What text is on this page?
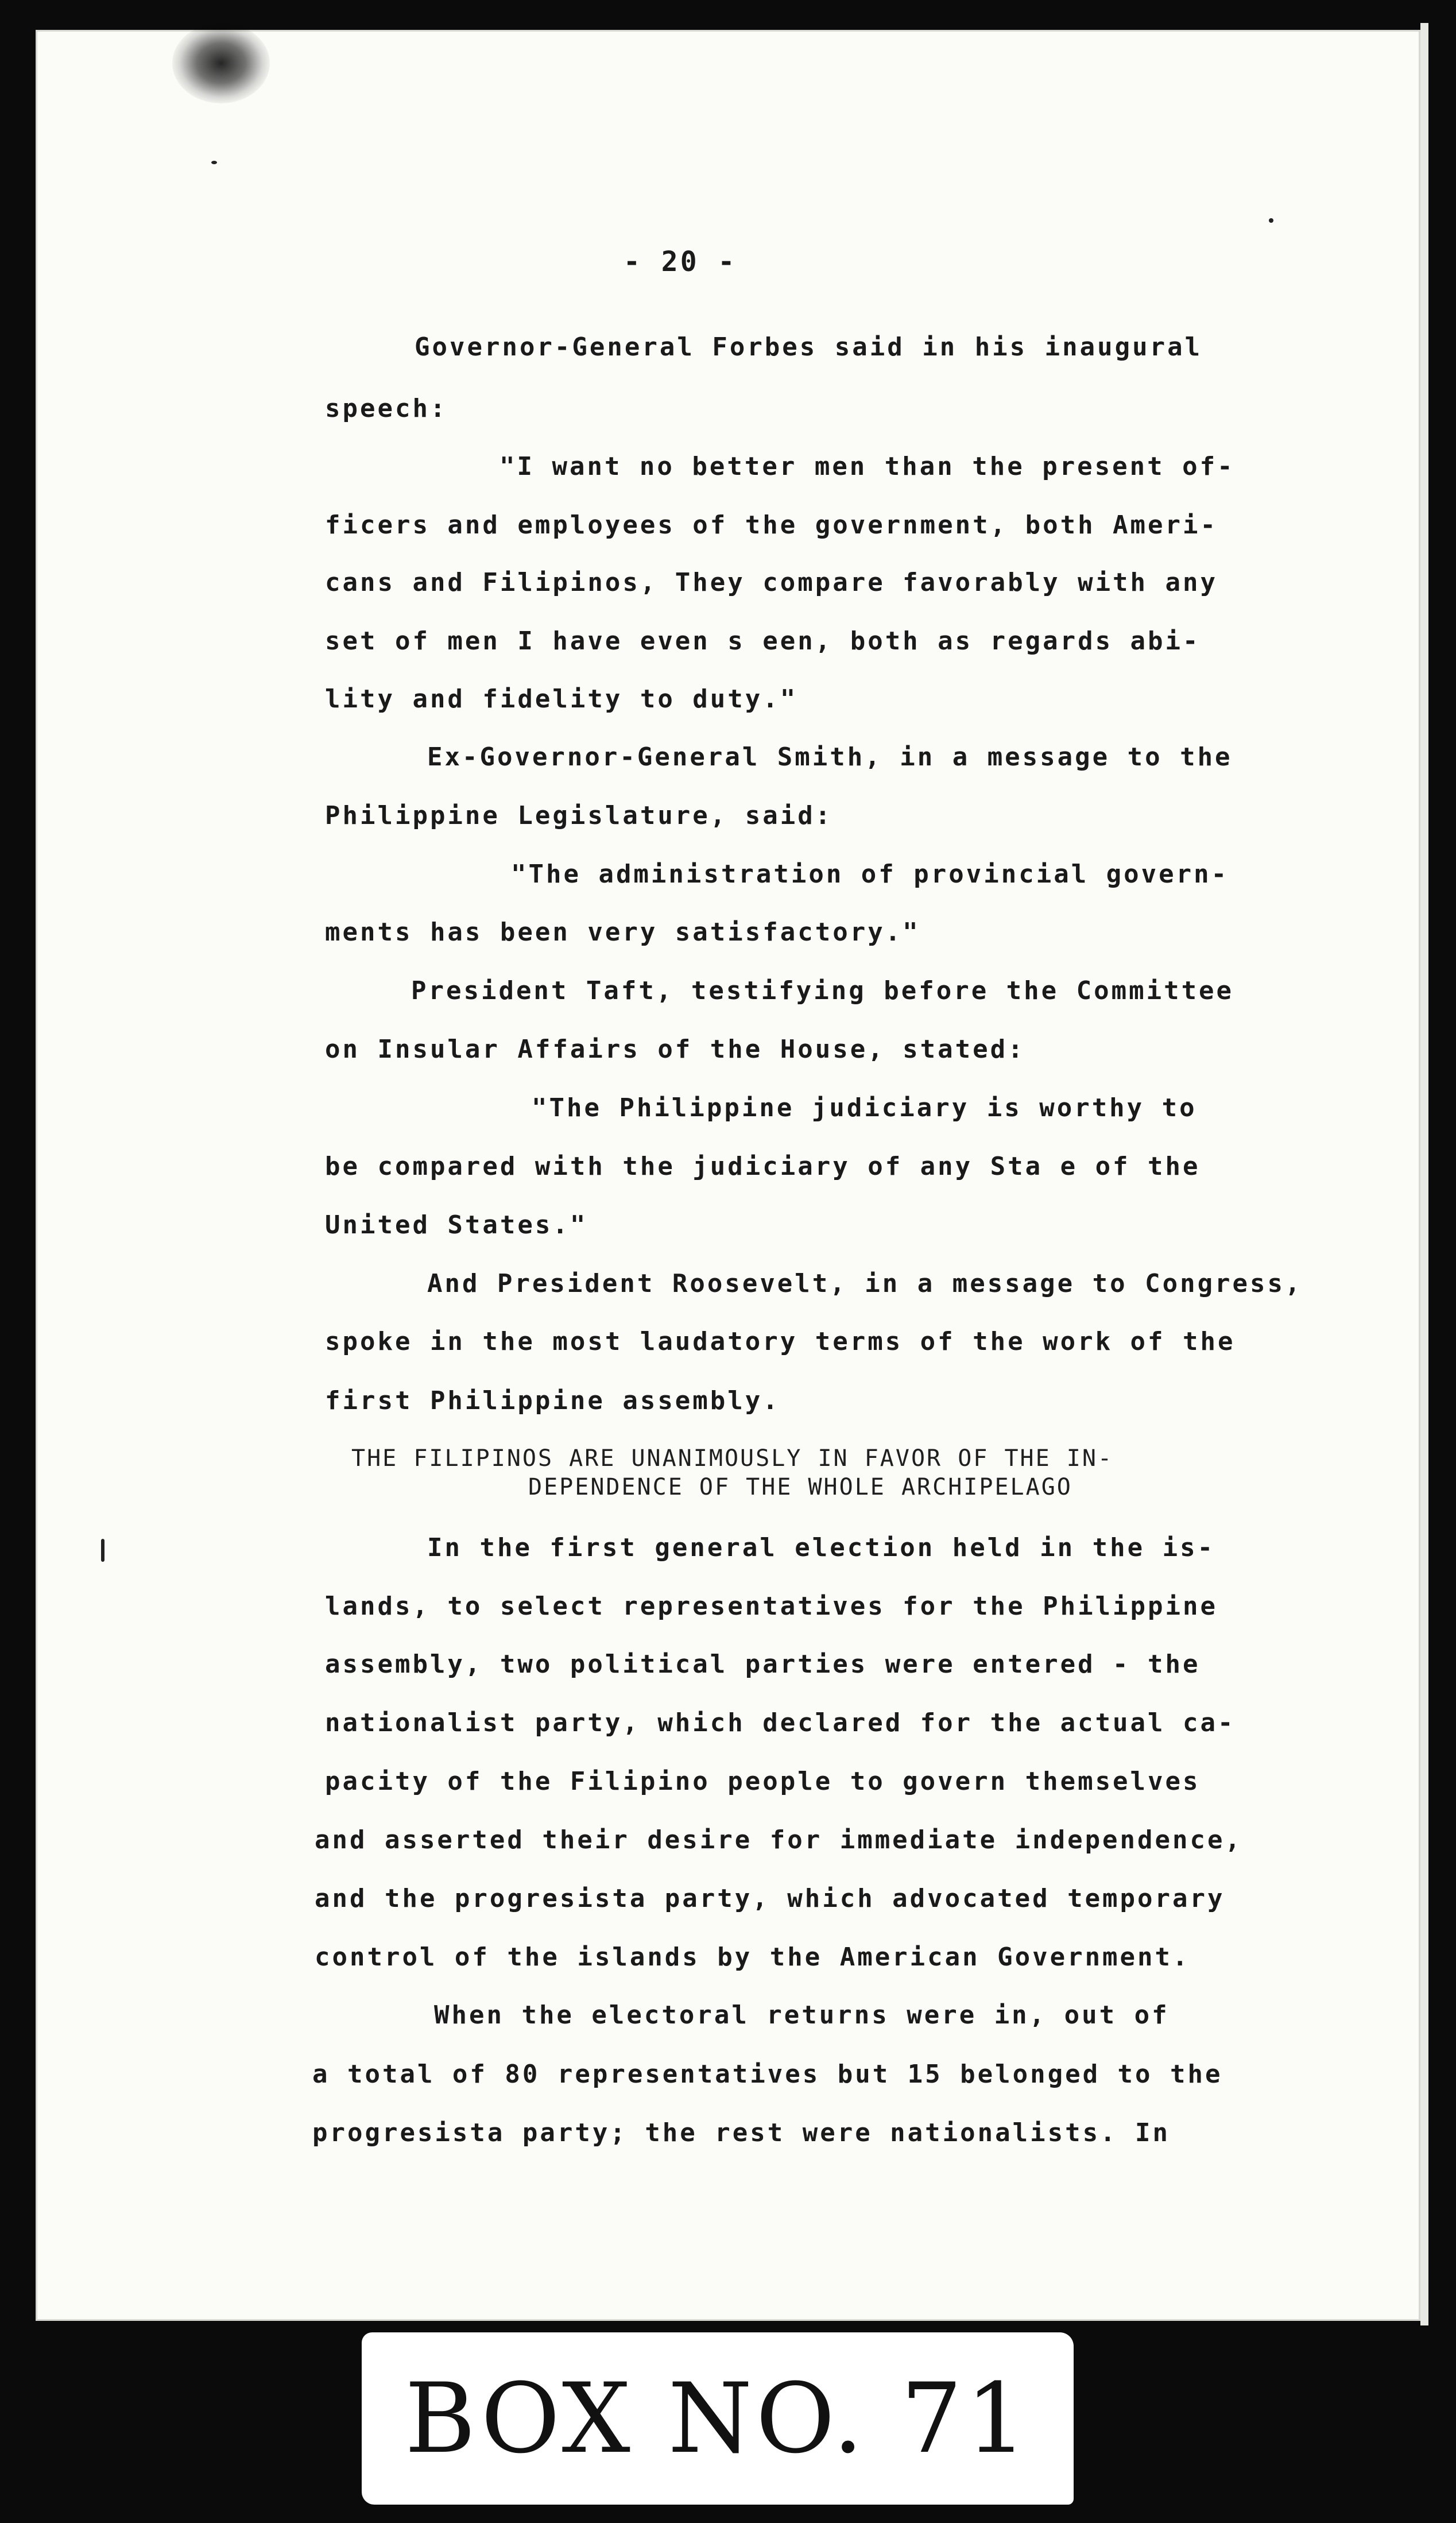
- 20 -
Governor-General Forbes said in his inaugural
speech:
"I want no better men than the present of-
ficers and employees of the government, both Ameri-
cans and Filipinos, They compare favorably with any
set of men I have even s een, both as regards abi-
lity and fidelity to duty."
Ex-Governor-General Smith, in a message to the
Philippine Legislature, said:
"The administration of provincial govern-
ments has been very satisfactory."
President Taft, testifying before the Committee
on Insular Affairs of the House, stated:
"The Philippine judiciary is worthy to
be compared with the judiciary of any Sta e of the
United States."
And President Roosevelt, in a message to Congress,
spoke in the most laudatory terms of the work of the
first Philippine assembly.
THE FILIPINOS ARE UNANIMOUSLY IN FAVOR OF THE IN-
DEPENDENCE OF THE WHOLE ARCHIPELAGO
In the first general election held in the is-
lands, to select representatives for the Philippine
assembly, two political parties were entered - the
nationalist party, which declared for the actual ca-
pacity of the Filipino people to govern themselves
and asserted their desire for immediate independence,
and the progresista party, which advocated temporary
control of the islands by the American Government.
When the electoral returns were in, out of
a total of 80 representatives but 15 belonged to the
progresista party; the rest were nationalists. In
BOX NO. 71
